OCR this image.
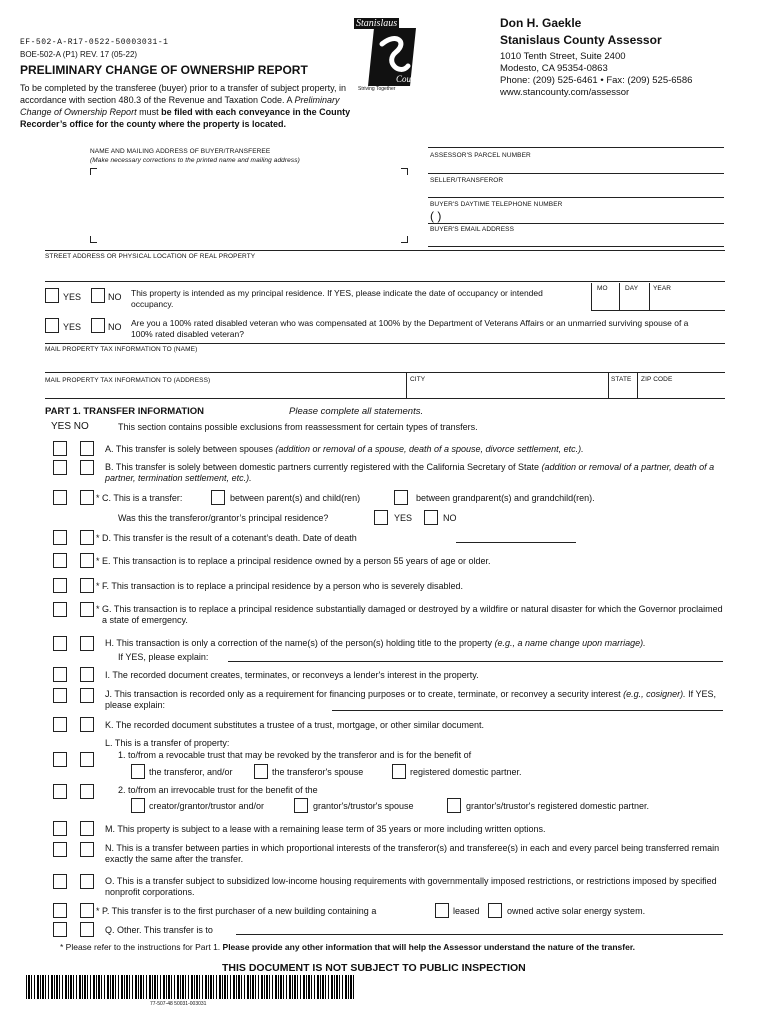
EF-502-A-R17-0522-50003031-1
BOE-502-A (P1) REV. 17 (05-22)
PRELIMINARY CHANGE OF OWNERSHIP REPORT
To be completed by the transferee (buyer) prior to a transfer of subject property, in accordance with section 480.3 of the Revenue and Taxation Code. A Preliminary Change of Ownership Report must be filed with each conveyance in the County Recorder’s office for the county where the property is located.
Stanislaus
County
Striving Together
Don H. Gaekle
Stanislaus County Assessor
1010 Tenth Street, Suite 2400
Modesto, CA 95354-0863
Phone: (209) 525-6461 • Fax: (209) 525-6586
www.stancounty.com/assessor
NAME AND MAILING ADDRESS OF BUYER/TRANSFEREE
(Make necessary corrections to the printed name and mailing address)
ASSESSOR'S PARCEL NUMBER
SELLER/TRANSFEROR
BUYER'S DAYTIME TELEPHONE NUMBER
( )
BUYER'S EMAIL ADDRESS
STREET ADDRESS OR PHYSICAL LOCATION OF REAL PROPERTY
YES	NO This property is intended as my principal residence. If YES, please indicate the date of occupancy or intended occupancy.
MO	DAY YEAR
YES	NO Are you a 100% rated disabled veteran who was compensated at 100% by the Department of Veterans Affairs or an unmarried surviving spouse of a 100% rated disabled veteran?
MAIL PROPERTY TAX INFORMATION TO (NAME)
MAIL PROPERTY TAX INFORMATION TO (ADDRESS)	CITY	STATE ZIP CODE
PART 1. TRANSFER INFORMATION	Please complete all statements.
YES NO	This section contains possible exclusions from reassessment for certain types of transfers.
A. This transfer is solely between spouses (addition or removal of a spouse, death of a spouse, divorce settlement, etc.).
B. This transfer is solely between domestic partners currently registered with the California Secretary of State (addition or removal of a partner, death of a partner, termination settlement, etc.).
* C. This is a transfer:	between parent(s) and child(ren)	between grandparent(s) and grandchild(ren).
Was this the transferor/grantor’s principal residence?	YES	NO
* D. This transfer is the result of a cotenant’s death. Date of death
* E. This transaction is to replace a principal residence owned by a person 55 years of age or older.
* F. This transaction is to replace a principal residence by a person who is severely disabled.
* G. This transaction is to replace a principal residence substantially damaged or destroyed by a wildfire or natural disaster for which the Governor proclaimed a state of emergency.
H. This transaction is only a correction of the name(s) of the person(s) holding title to the property (e.g., a name change upon marriage).
If YES, please explain:
I. The recorded document creates, terminates, or reconveys a lender's interest in the property.
J. This transaction is recorded only as a requirement for financing purposes or to create, terminate, or reconvey a security interest (e.g., cosigner). If YES, please explain:
K. The recorded document substitutes a trustee of a trust, mortgage, or other similar document.
L. This is a transfer of property:
1. to/from a revocable trust that may be revoked by the transferor and is for the benefit of
the transferor, and/or	the transferor's spouse	registered domestic partner.
2. to/from an irrevocable trust for the benefit of the
creator/grantor/trustor and/or	grantor's/trustor's spouse	grantor's/trustor's registered domestic partner.
M. This property is subject to a lease with a remaining lease term of 35 years or more including written options.
N. This is a transfer between parties in which proportional interests of the transferor(s) and transferee(s) in each and every parcel being transferred remain exactly the same after the transfer.
O. This is a transfer subject to subsidized low-income housing requirements with governmentally imposed restrictions, or restrictions imposed by specified nonprofit corporations.
* P. This transfer is to the first purchaser of a new building containing a	leased	owned active solar energy system.
Q. Other. This transfer is to
* Please refer to the instructions for Part 1. Please provide any other information that will help the Assessor understand the nature of the transfer.
THIS DOCUMENT IS NOT SUBJECT TO PUBLIC INSPECTION
77-507-48 50031-003031
